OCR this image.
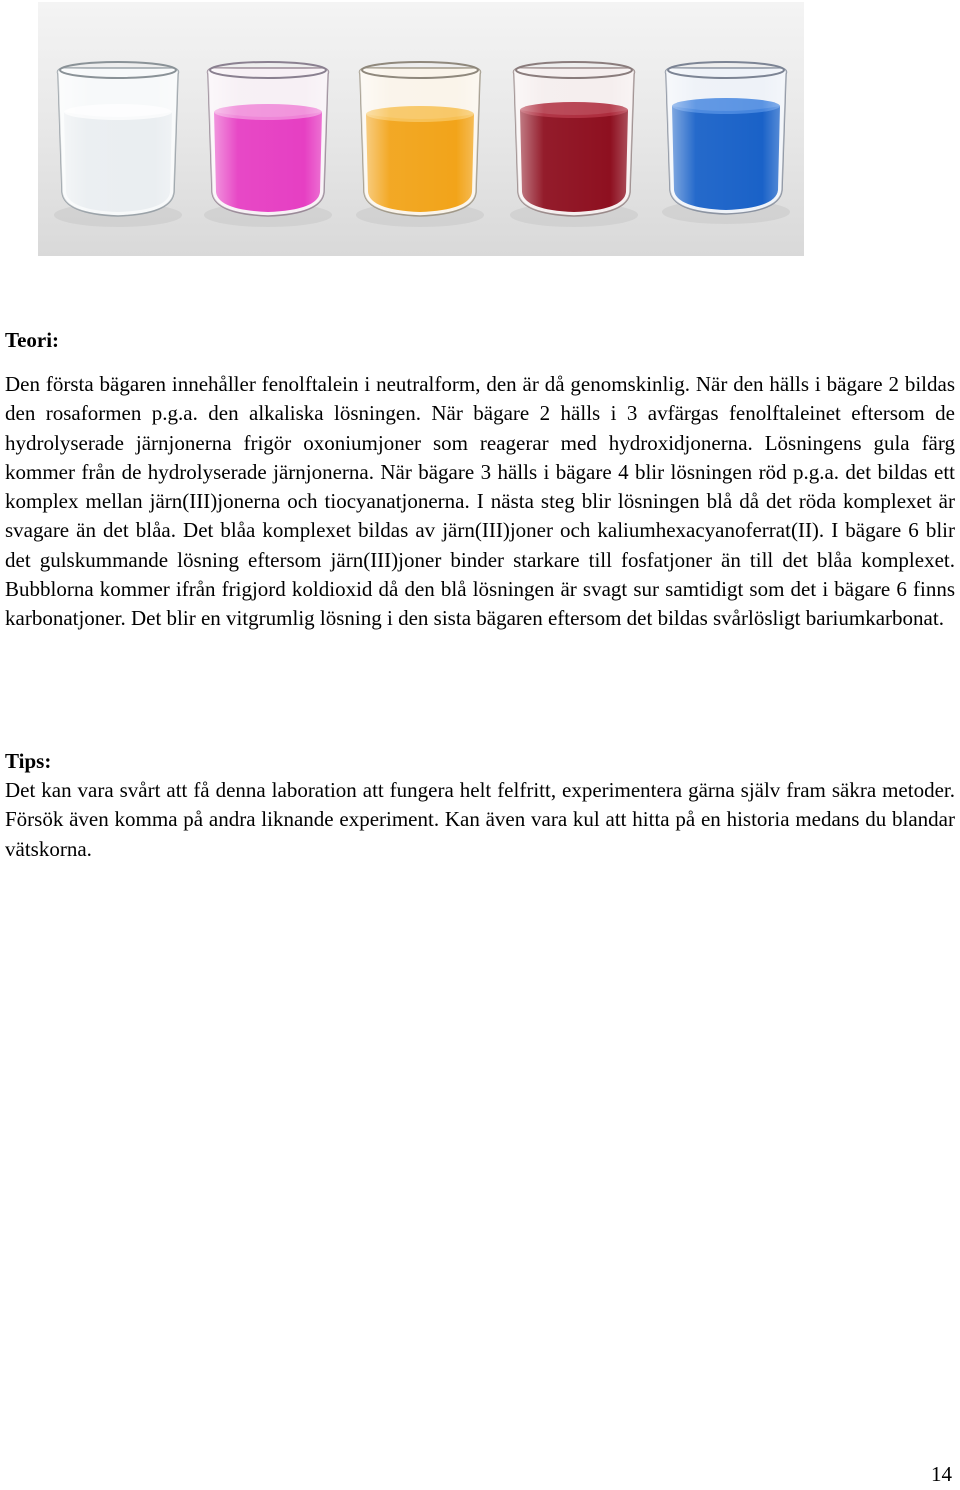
Teori:

Den första bägaren innehåller fenolftalein i neutralform, den är då genomskinlig. När den hälls i bägare 2 bildas den rosaformen p.g.a. den alkaliska lösningen. När bägare 2 hälls i 3 avfärgas fenolftaleinet eftersom de hydrolyserade järnjonerna frigör oxoniumjoner som reagerar med hydroxidjonerna. Lösningens gula färg kommer från de hydrolyserade järnjonerna. När bägare 3 hälls i bägare 4 blir lösningen röd p.g.a. det bildas ett komplex mellan järn(III)jonerna och tiocyanatjonerna. I nästa steg blir lösningen blå då det röda komplexet är svagare än det blåa. Det blåa komplexet bildas av järn(III)joner och kaliumhexacyanoferrat(II). I bägare 6 blir det gulskummande lösning eftersom järn(III)joner binder starkare till fosfatjoner än till det blåa komplexet. Bubblorna kommer ifrån frigjord koldioxid då den blå lösningen är svagt sur samtidigt som det i bägare 6 finns karbonatjoner. Det blir en vitgrumlig lösning i den sista bägaren eftersom det bildas svårlösligt bariumkarbonat.

Tips:

Det kan vara svårt att få denna laboration att fungera helt felfritt, experimentera gärna själv fram säkra metoder. Försök även komma på andra liknande experiment. Kan även vara kul att hitta på en historia medans du blandar vätskorna.

14
